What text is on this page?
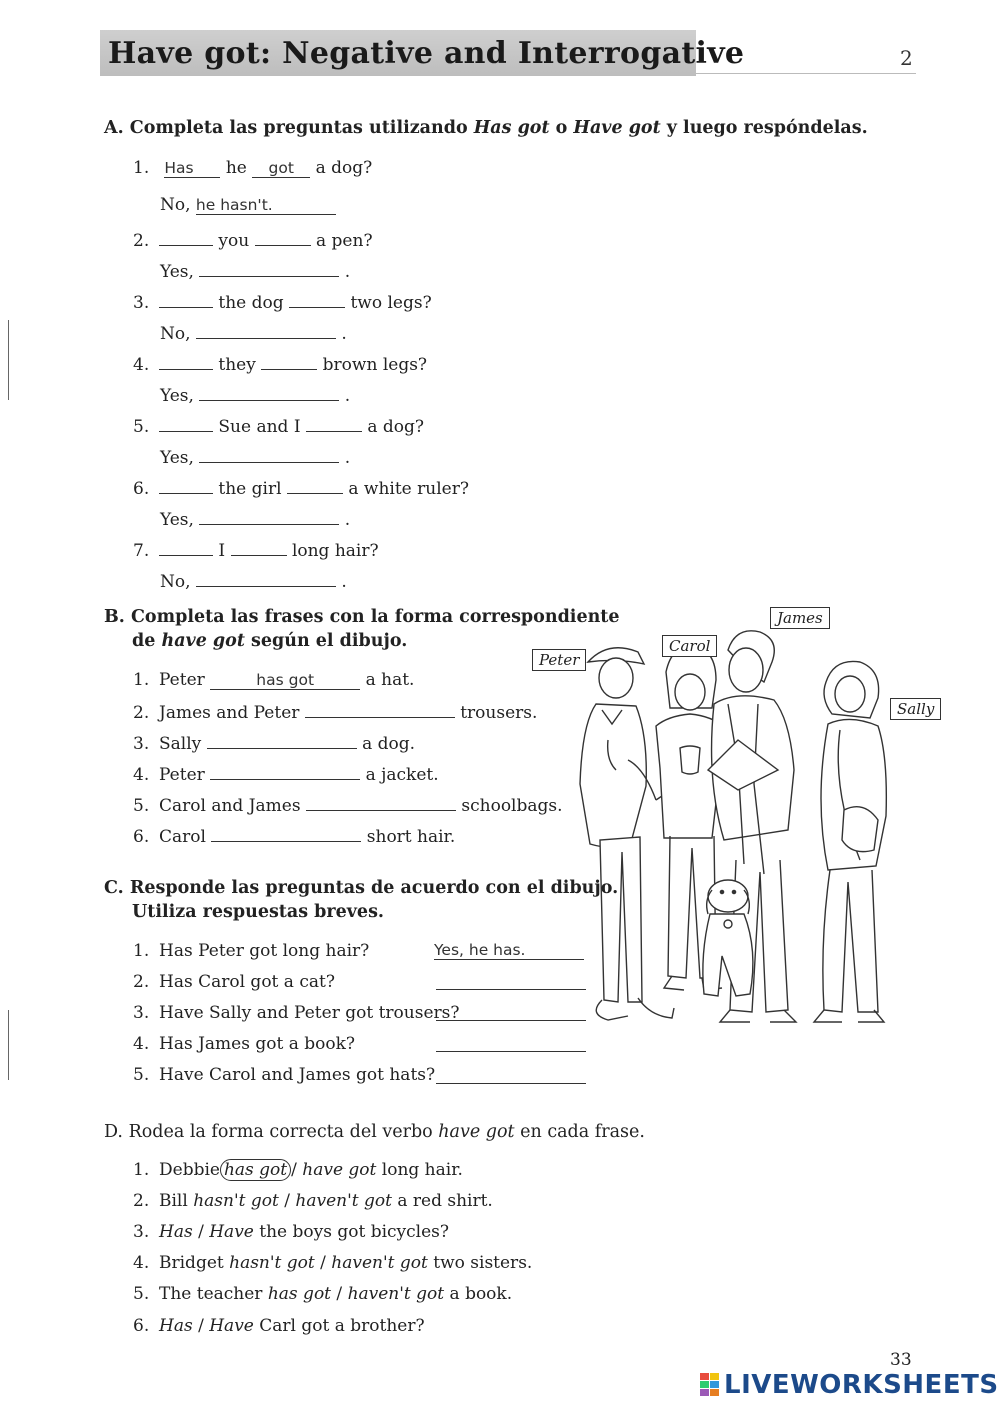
Have got: Negative and Interrogative	2
A. Completa las preguntas utilizando Has got o Have got y luego respóndelas.
1. Has he got a dog?
No, he hasn't.
2.	you	a pen?
Yes,	.
3.	the dog	two legs?
No,	.
4.	they	brown legs?
Yes,	.
5.	Sue and I	a dog?
Yes,	.
6.	the girl	a white ruler?
Yes,	.
7.	I	long hair?
No,	.
B. Completa las frases con la forma correspondiente
de have got según el dibujo.
1. Peter	has got	a hat.
2. James and Peter	trousers.
3. Sally	a dog.
4. Peter	a jacket.
5. Carol and James	schoolbags.
6. Carol	short hair.
Peter
Carol
James
Sally
C. Responde las preguntas de acuerdo con el dibujo.
Utiliza respuestas breves.
1. Has Peter got long hair?	Yes, he has.
2. Has Carol got a cat?
3. Have Sally and Peter got trousers?
4. Has James got a book?
5. Have Carol and James got hats?
D. Rodea la forma correcta del verbo have got en cada frase.
1. Debbie has got / have got long hair.
2. Bill hasn't got / haven't got a red shirt.
3. Has / Have the boys got bicycles?
4. Bridget hasn't got / haven't got two sisters.
5. The teacher has got / haven't got a book.
6. Has / Have Carl got a brother?
33
LIVEWORKSHEETS
